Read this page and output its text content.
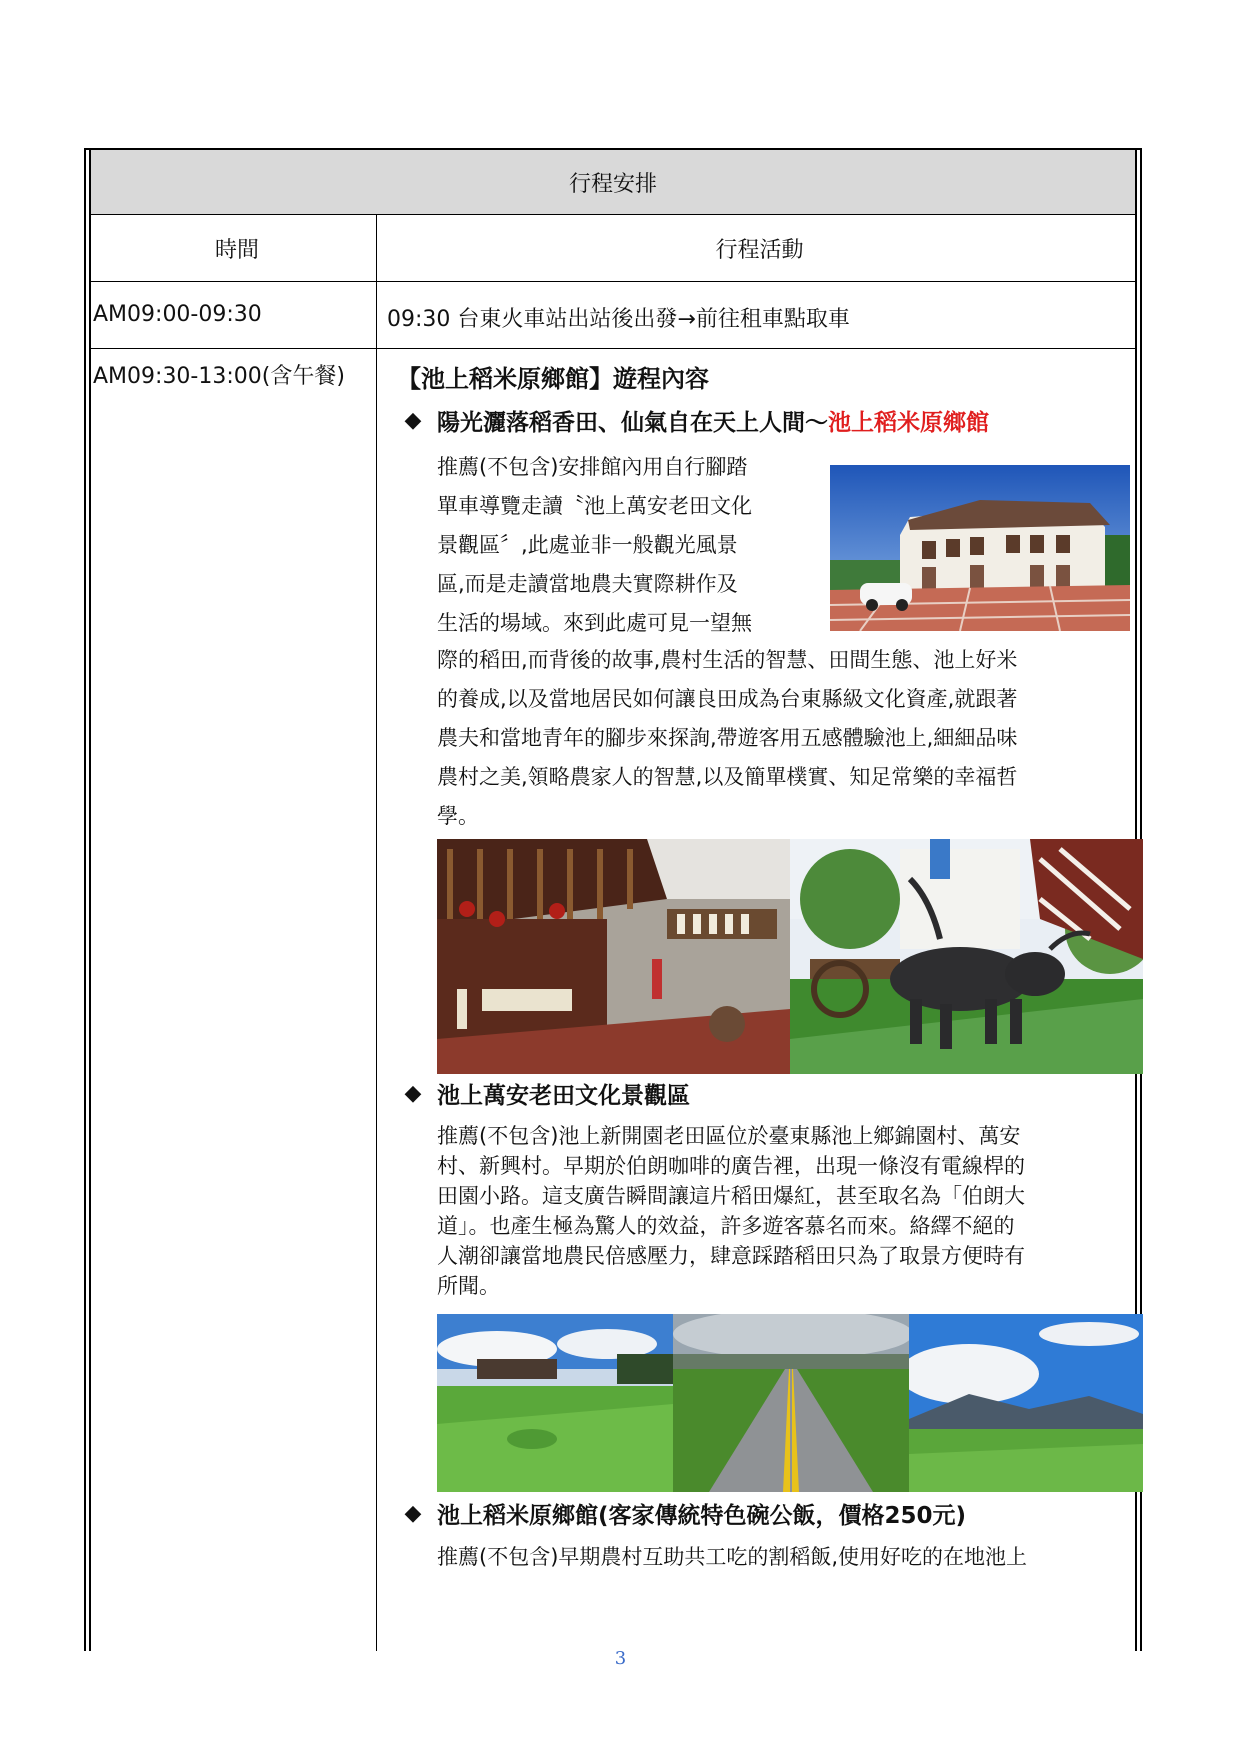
行程安排
時間	行程活動
AM09:00-09:30	09:30 台東火車站出站後出發→前往租車點取車
AM09:30-13:00(含午餐) 【池上稻米原鄉館】遊程內容
◆ 陽光灑落稻香田、仙氣自在天上人間～ 池上稻米原鄉館
推薦(不包含)安排館內用自行腳踏
單車導覽走讀〝池上萬安老田文化
景觀區〞,此處並非一般觀光風景
區,而是走讀當地農夫實際耕作及
生活的場域。來到此處可見一望無
際的稻田,而背後的故事,農村生活的智慧、田間生態、池上好米
的養成,以及當地居民如何讓良田成為台東縣級文化資產,就跟著
農夫和當地青年的腳步來探詢,帶遊客用五感體驗池上,細細品味
農村之美,領略農家人的智慧,以及簡單樸實、知足常樂的幸福哲
學。
◆ 池上萬安老田文化景觀區
推薦(不包含)池上新開園老田區位於臺東縣池上鄉錦園村、萬安
村、新興村。早期於伯朗咖啡的廣告裡，出現一條沒有電線桿的
田園小路。這支廣告瞬間讓這片稻田爆紅，甚至取名為「伯朗大
道」。也產生極為驚人的效益，許多遊客慕名而來。絡繹不絕的
人潮卻讓當地農民倍感壓力，肆意踩踏稻田只為了取景方便時有
所聞。
◆ 池上稻米原鄉館(客家傳統特色碗公飯，價格250元)
推薦(不包含)早期農村互助共工吃的割稻飯,使用好吃的在地池上
3
